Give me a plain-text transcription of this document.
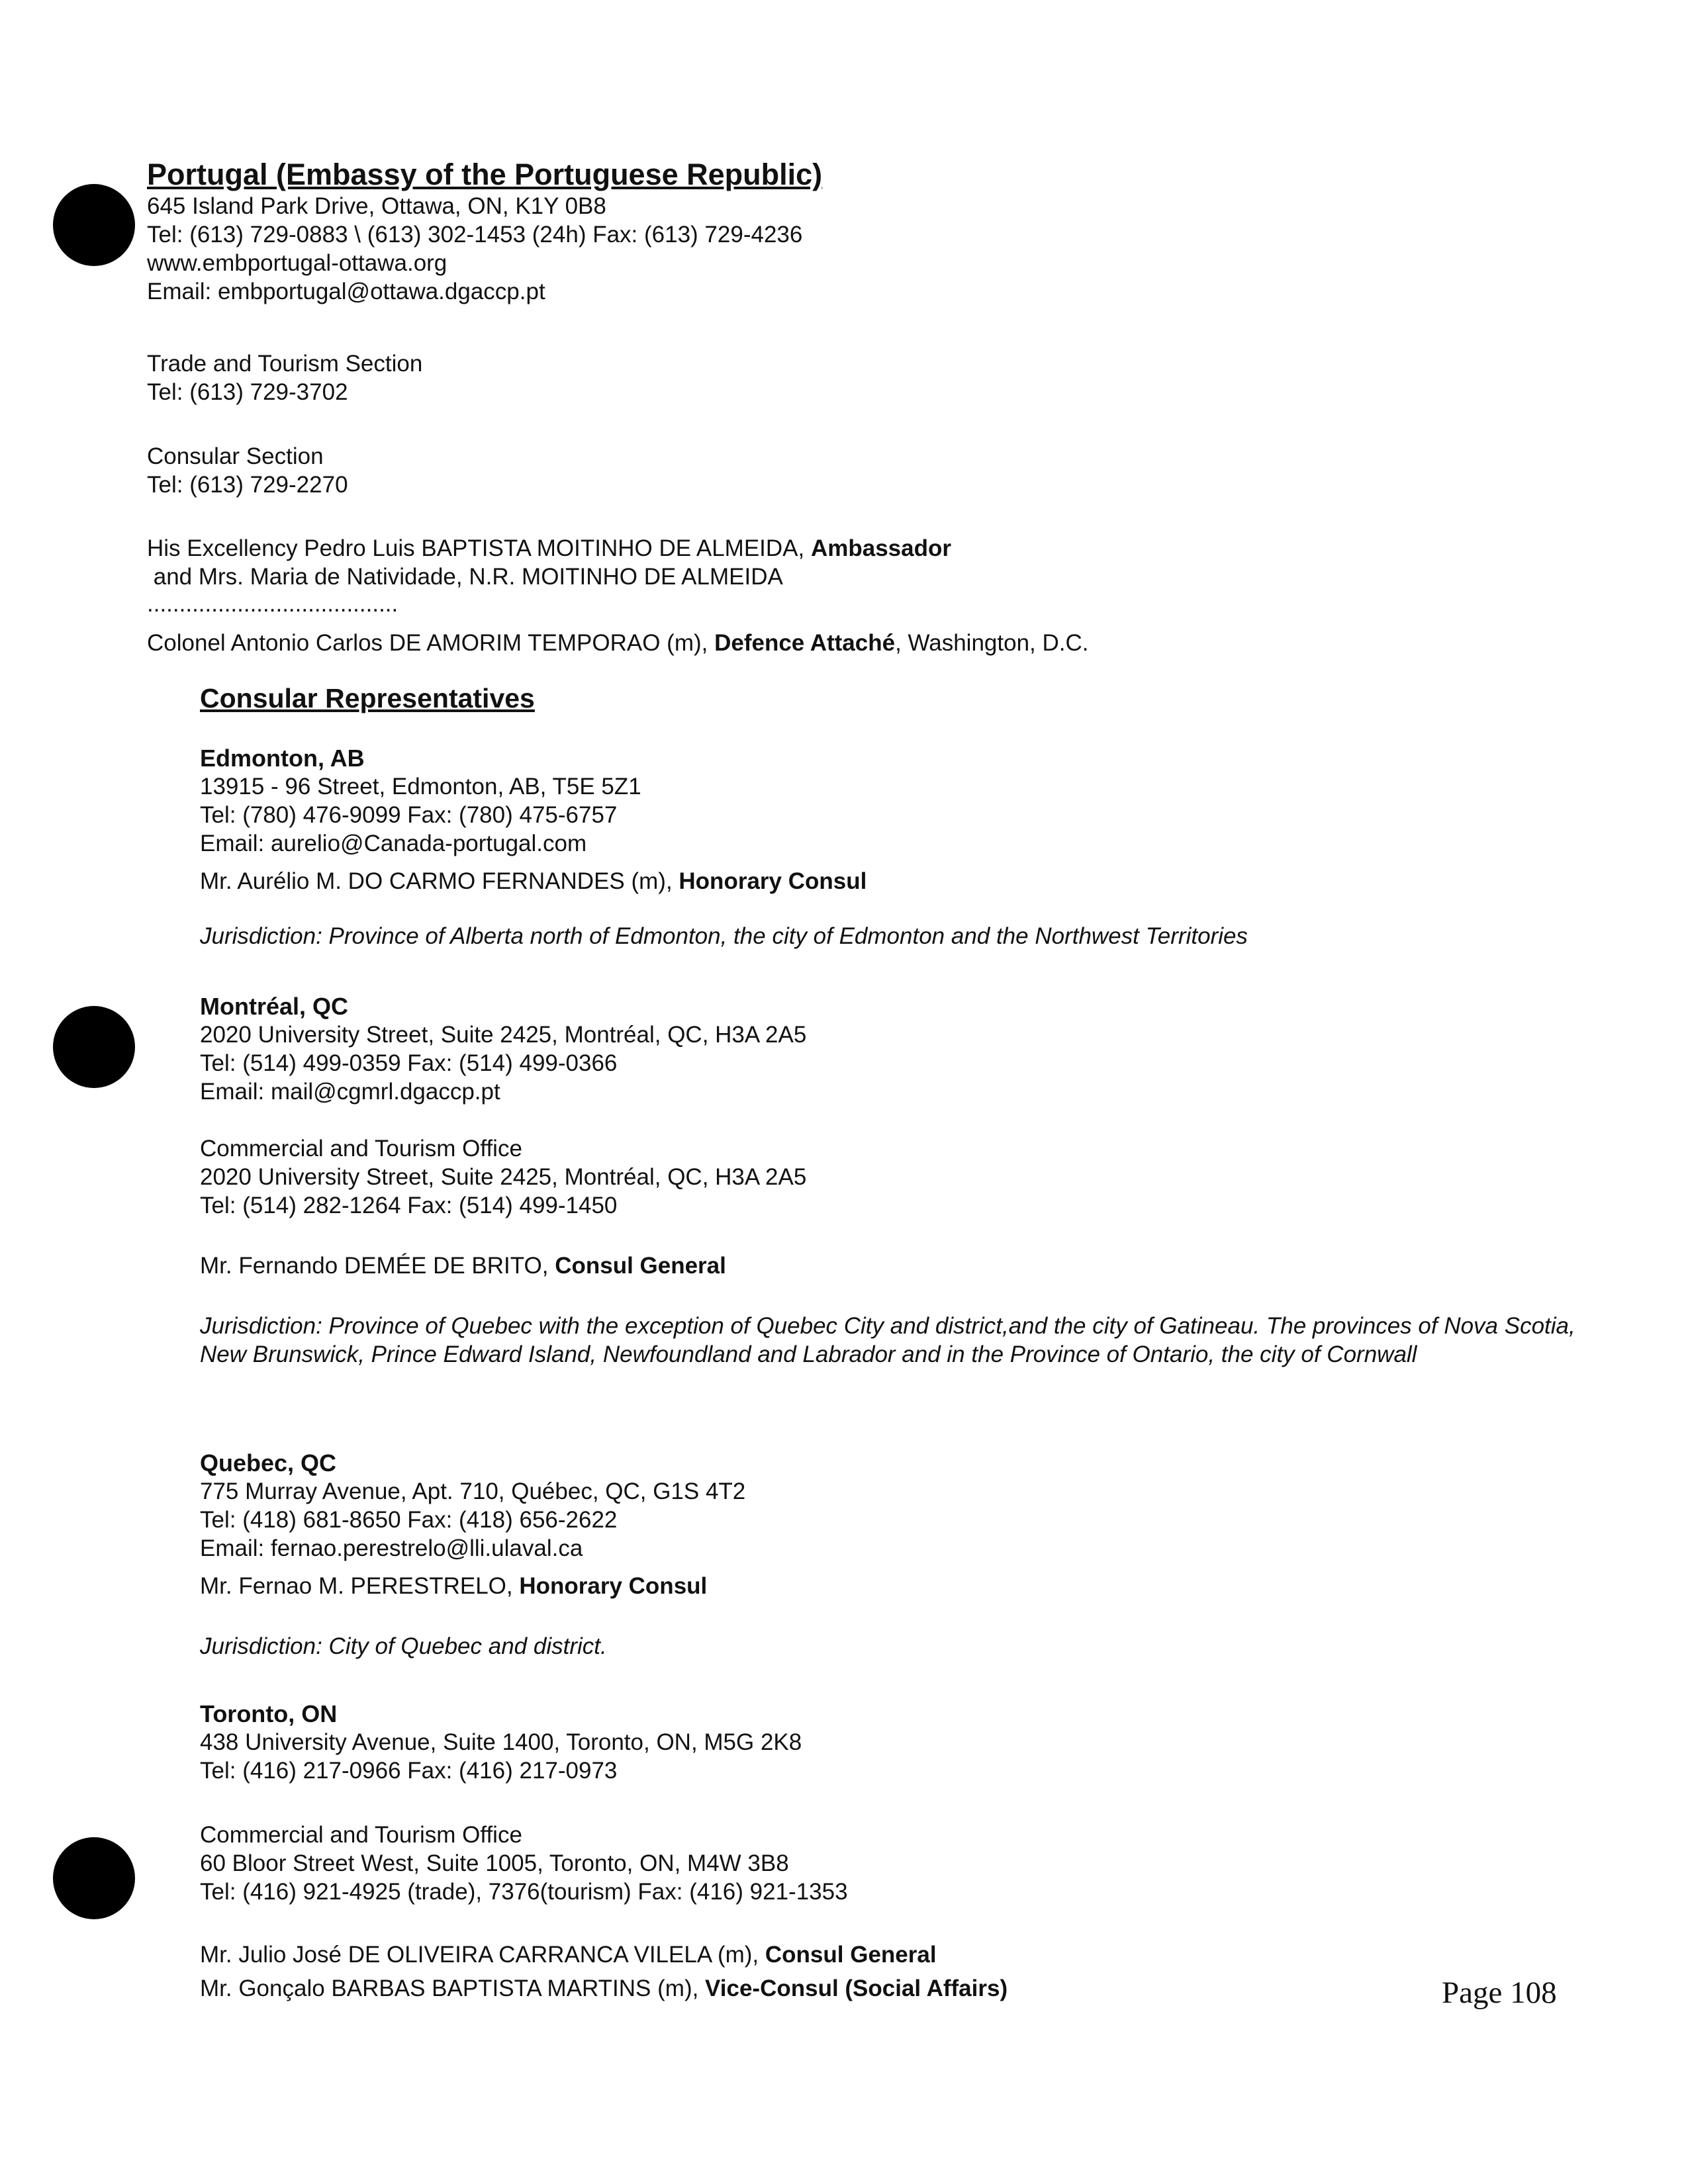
Portugal (Embassy of the Portuguese Republic)
645 Island Park Drive, Ottawa, ON, K1Y 0B8
Tel: (613) 729-0883 \ (613) 302-1453 (24h) Fax: (613) 729-4236
www.embportugal-ottawa.org
Email: embportugal@ottawa.dgaccp.pt
Trade and Tourism Section
Tel: (613) 729-3702
Consular Section
Tel: (613) 729-2270
His Excellency Pedro Luis BAPTISTA MOITINHO DE ALMEIDA, Ambassador
and Mrs. Maria de Natividade, N.R. MOITINHO DE ALMEIDA
.......................................
Colonel Antonio Carlos DE AMORIM TEMPORAO (m), Defence Attaché, Washington, D.C.
Consular Representatives
Edmonton, AB
13915 - 96 Street, Edmonton, AB, T5E 5Z1
Tel: (780) 476-9099 Fax: (780) 475-6757
Email: aurelio@Canada-portugal.com
Mr. Aurélio M. DO CARMO FERNANDES (m), Honorary Consul
Jurisdiction: Province of Alberta north of Edmonton, the city of Edmonton and the Northwest Territories
Montréal, QC
2020 University Street, Suite 2425, Montréal, QC, H3A 2A5
Tel: (514) 499-0359 Fax: (514) 499-0366
Email: mail@cgmrl.dgaccp.pt
Commercial and Tourism Office
2020 University Street, Suite 2425, Montréal, QC, H3A 2A5
Tel: (514) 282-1264 Fax: (514) 499-1450
Mr. Fernando DEMÉE DE BRITO, Consul General
Jurisdiction: Province of Quebec with the exception of Quebec City and district,and the city of Gatineau. The provinces of Nova Scotia, New Brunswick, Prince Edward Island, Newfoundland and Labrador and in the Province of Ontario, the city of Cornwall
Quebec, QC
775 Murray Avenue, Apt. 710, Québec, QC, G1S 4T2
Tel: (418) 681-8650 Fax: (418) 656-2622
Email: fernao.perestrelo@lli.ulaval.ca
Mr. Fernao M. PERESTRELO, Honorary Consul
Jurisdiction: City of Quebec and district.
Toronto, ON
438 University Avenue, Suite 1400, Toronto, ON, M5G 2K8
Tel: (416) 217-0966 Fax: (416) 217-0973
Commercial and Tourism Office
60 Bloor Street West, Suite 1005, Toronto, ON, M4W 3B8
Tel: (416) 921-4925 (trade), 7376(tourism) Fax: (416) 921-1353
Mr. Julio José DE OLIVEIRA CARRANCA VILELA (m), Consul General
Mr. Gonçalo BARBAS BAPTISTA MARTINS (m), Vice-Consul (Social Affairs)	Page 108
